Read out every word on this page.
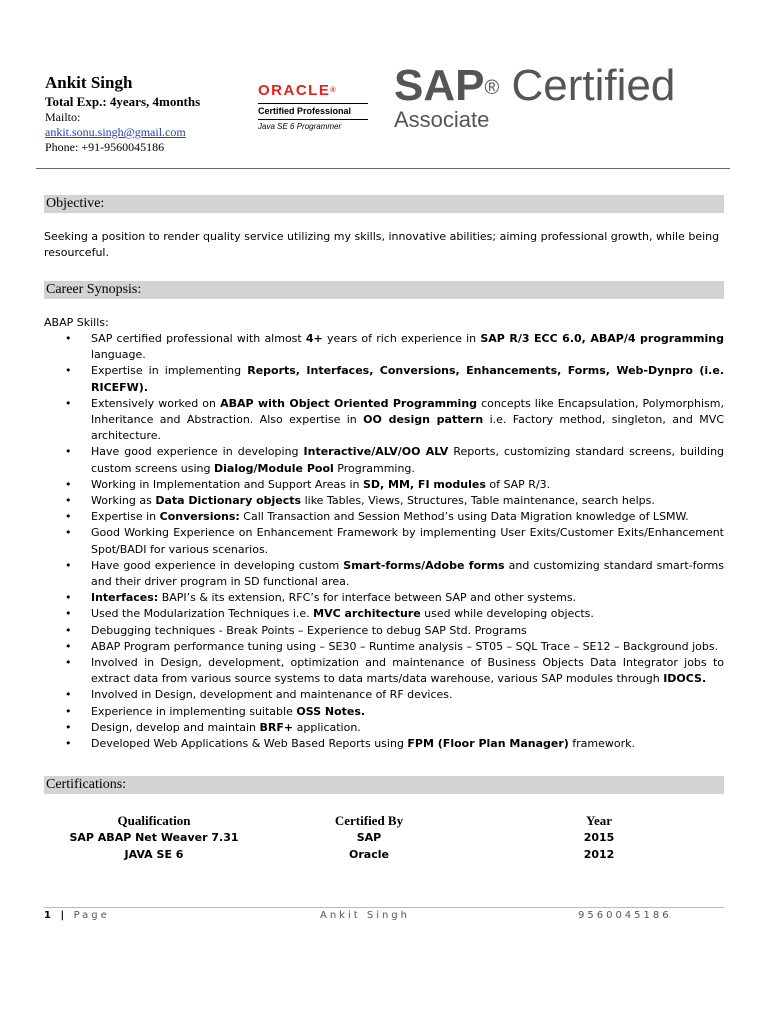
Ankit Singh
Total Exp.: 4years, 4months
Mailto:
ankit.sonu.singh@gmail.com
Phone: +91-9560045186
ORACLE®
Certified Professional
Java SE 6 Programmer
SAP® Certified
Associate
Objective:
Seeking a position to render quality service utilizing my skills, innovative abilities; aiming professional growth, while being resourceful.
Career Synopsis:
ABAP Skills:
• SAP certified professional with almost 4+ years of rich experience in SAP R/3 ECC 6.0, ABAP/4 programming language.
• Expertise in implementing Reports, Interfaces, Conversions, Enhancements, Forms, Web-Dynpro (i.e. RICEFW).
• Extensively worked on ABAP with Object Oriented Programming concepts like Encapsulation, Polymorphism, Inheritance and Abstraction. Also expertise in OO design pattern i.e. Factory method, singleton, and MVC architecture.
• Have good experience in developing Interactive/ALV/OO ALV Reports, customizing standard screens, building custom screens using Dialog/Module Pool Programming.
• Working in Implementation and Support Areas in SD, MM, FI modules of SAP R/3.
• Working as Data Dictionary objects like Tables, Views, Structures, Table maintenance, search helps.
• Expertise in Conversions: Call Transaction and Session Method’s using Data Migration knowledge of LSMW.
• Good Working Experience on Enhancement Framework by implementing User Exits/Customer Exits/Enhancement Spot/BADI for various scenarios.
• Have good experience in developing custom Smart-forms/Adobe forms and customizing standard smart-forms and their driver program in SD functional area.
• Interfaces: BAPI’s & its extension, RFC’s for interface between SAP and other systems.
• Used the Modularization Techniques i.e. MVC architecture used while developing objects.
• Debugging techniques - Break Points – Experience to debug SAP Std. Programs
• ABAP Program performance tuning using – SE30 – Runtime analysis – ST05 – SQL Trace – SE12 – Background jobs.
• Involved in Design, development, optimization and maintenance of Business Objects Data Integrator jobs to extract data from various source systems to data marts/data warehouse, various SAP modules through IDOCS.
• Involved in Design, development and maintenance of RF devices.
• Experience in implementing suitable OSS Notes.
• Design, develop and maintain BRF+ application.
• Developed Web Applications & Web Based Reports using FPM (Floor Plan Manager) framework.
Certifications:
Qualification	Certified By	Year
SAP ABAP Net Weaver 7.31	SAP	2015
JAVA SE 6	Oracle	2012
1 | Page	Ankit Singh	9560045186
